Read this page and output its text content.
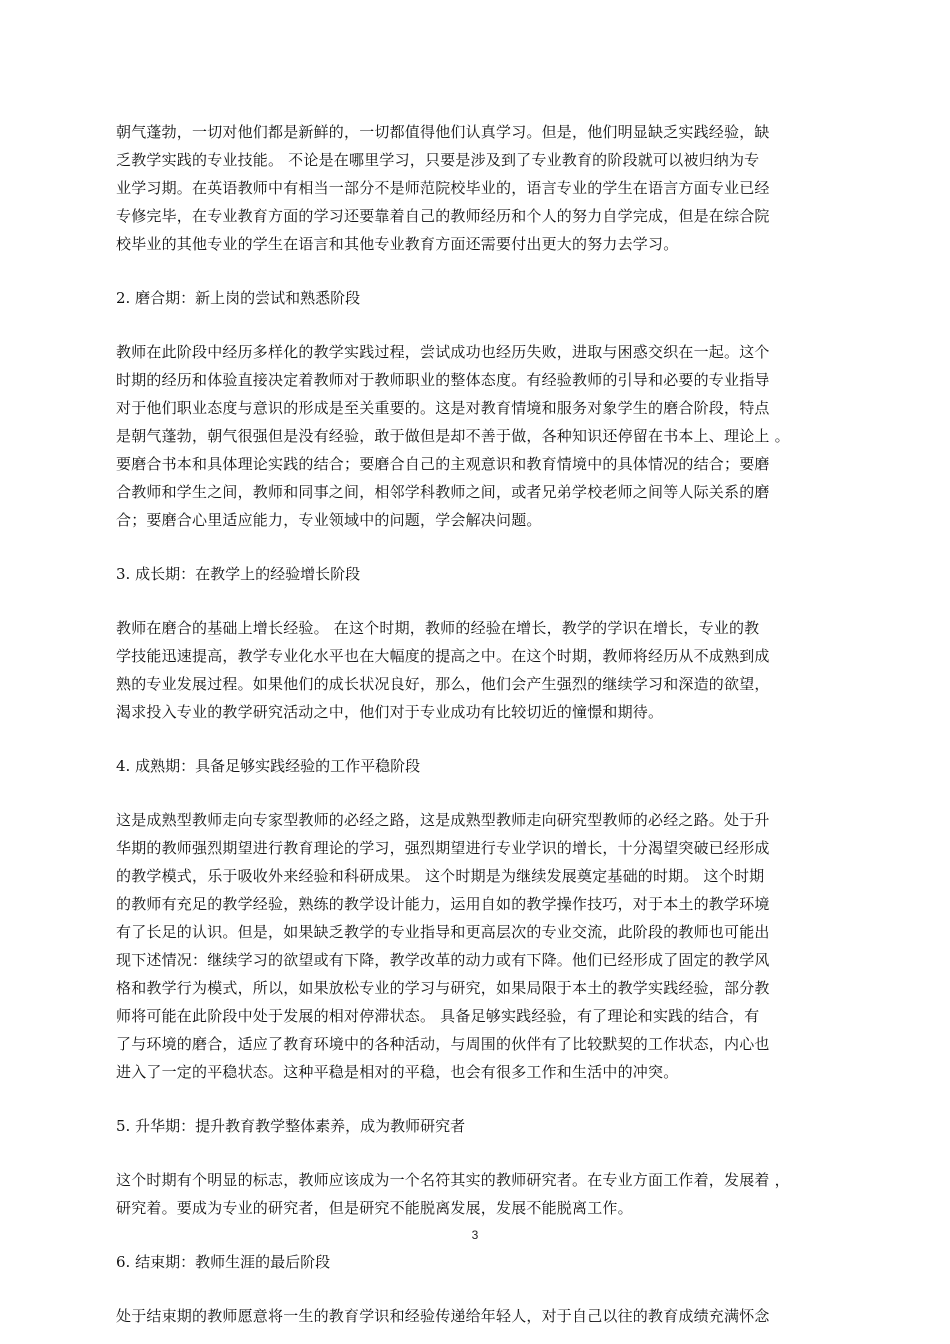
朝气蓬勃，一切对他们都是新鲜的，一切都值得他们认真学习。但是，他们明显缺乏实践经验，缺
乏教学实践的专业技能。 不论是在哪里学习，只要是涉及到了专业教育的阶段就可以被归纳为专
业学习期。在英语教师中有相当一部分不是师范院校毕业的，语言专业的学生在语言方面专业已经
专修完毕，在专业教育方面的学习还要靠着自己的教师经历和个人的努力自学完成，但是在综合院
校毕业的其他专业的学生在语言和其他专业教育方面还需要付出更大的努力去学习。
2. 磨合期：新上岗的尝试和熟悉阶段
教师在此阶段中经历多样化的教学实践过程，尝试成功也经历失败，进取与困惑交织在一起。这个
时期的经历和体验直接决定着教师对于教师职业的整体态度。有经验教师的引导和必要的专业指导
对于他们职业态度与意识的形成是至关重要的。这是对教育情境和服务对象学生的磨合阶段，特点
是朝气蓬勃，朝气很强但是没有经验，敢于做但是却不善于做，各种知识还停留在书本上、理论上 。
要磨合书本和具体理论实践的结合；要磨合自己的主观意识和教育情境中的具体情况的结合；要磨
合教师和学生之间，教师和同事之间，相邻学科教师之间，或者兄弟学校老师之间等人际关系的磨
合；要磨合心里适应能力，专业领域中的问题，学会解决问题。
3. 成长期：在教学上的经验增长阶段
教师在磨合的基础上增长经验。 在这个时期，教师的经验在增长，教学的学识在增长，专业的教
学技能迅速提高，教学专业化水平也在大幅度的提高之中。在这个时期，教师将经历从不成熟到成
熟的专业发展过程。如果他们的成长状况良好，那么，他们会产生强烈的继续学习和深造的欲望，
渴求投入专业的教学研究活动之中，他们对于专业成功有比较切近的憧憬和期待。
4. 成熟期：具备足够实践经验的工作平稳阶段
这是成熟型教师走向专家型教师的必经之路，这是成熟型教师走向研究型教师的必经之路。处于升
华期的教师强烈期望进行教育理论的学习，强烈期望进行专业学识的增长，十分渴望突破已经形成
的教学模式，乐于吸收外来经验和科研成果。 这个时期是为继续发展奠定基础的时期。 这个时期
的教师有充足的教学经验，熟练的教学设计能力，运用自如的教学操作技巧，对于本土的教学环境
有了长足的认识。但是，如果缺乏教学的专业指导和更高层次的专业交流，此阶段的教师也可能出
现下述情况：继续学习的欲望或有下降，教学改革的动力或有下降。他们已经形成了固定的教学风
格和教学行为模式，所以，如果放松专业的学习与研究，如果局限于本土的教学实践经验，部分教
师将可能在此阶段中处于发展的相对停滞状态。 具备足够实践经验，有了理论和实践的结合，有
了与环境的磨合，适应了教育环境中的各种活动，与周围的伙伴有了比较默契的工作状态，内心也
进入了一定的平稳状态。这种平稳是相对的平稳，也会有很多工作和生活中的冲突。
5. 升华期：提升教育教学整体素养，成为教师研究者
这个时期有个明显的标志，教师应该成为一个名符其实的教师研究者。在专业方面工作着，发展着 ，
研究着。要成为专业的研究者，但是研究不能脱离发展，发展不能脱离工作。
6. 结束期：教师生涯的最后阶段
处于结束期的教师愿意将一生的教育学识和经验传递给年轻人，对于自己以往的教育成绩充满怀念
3
